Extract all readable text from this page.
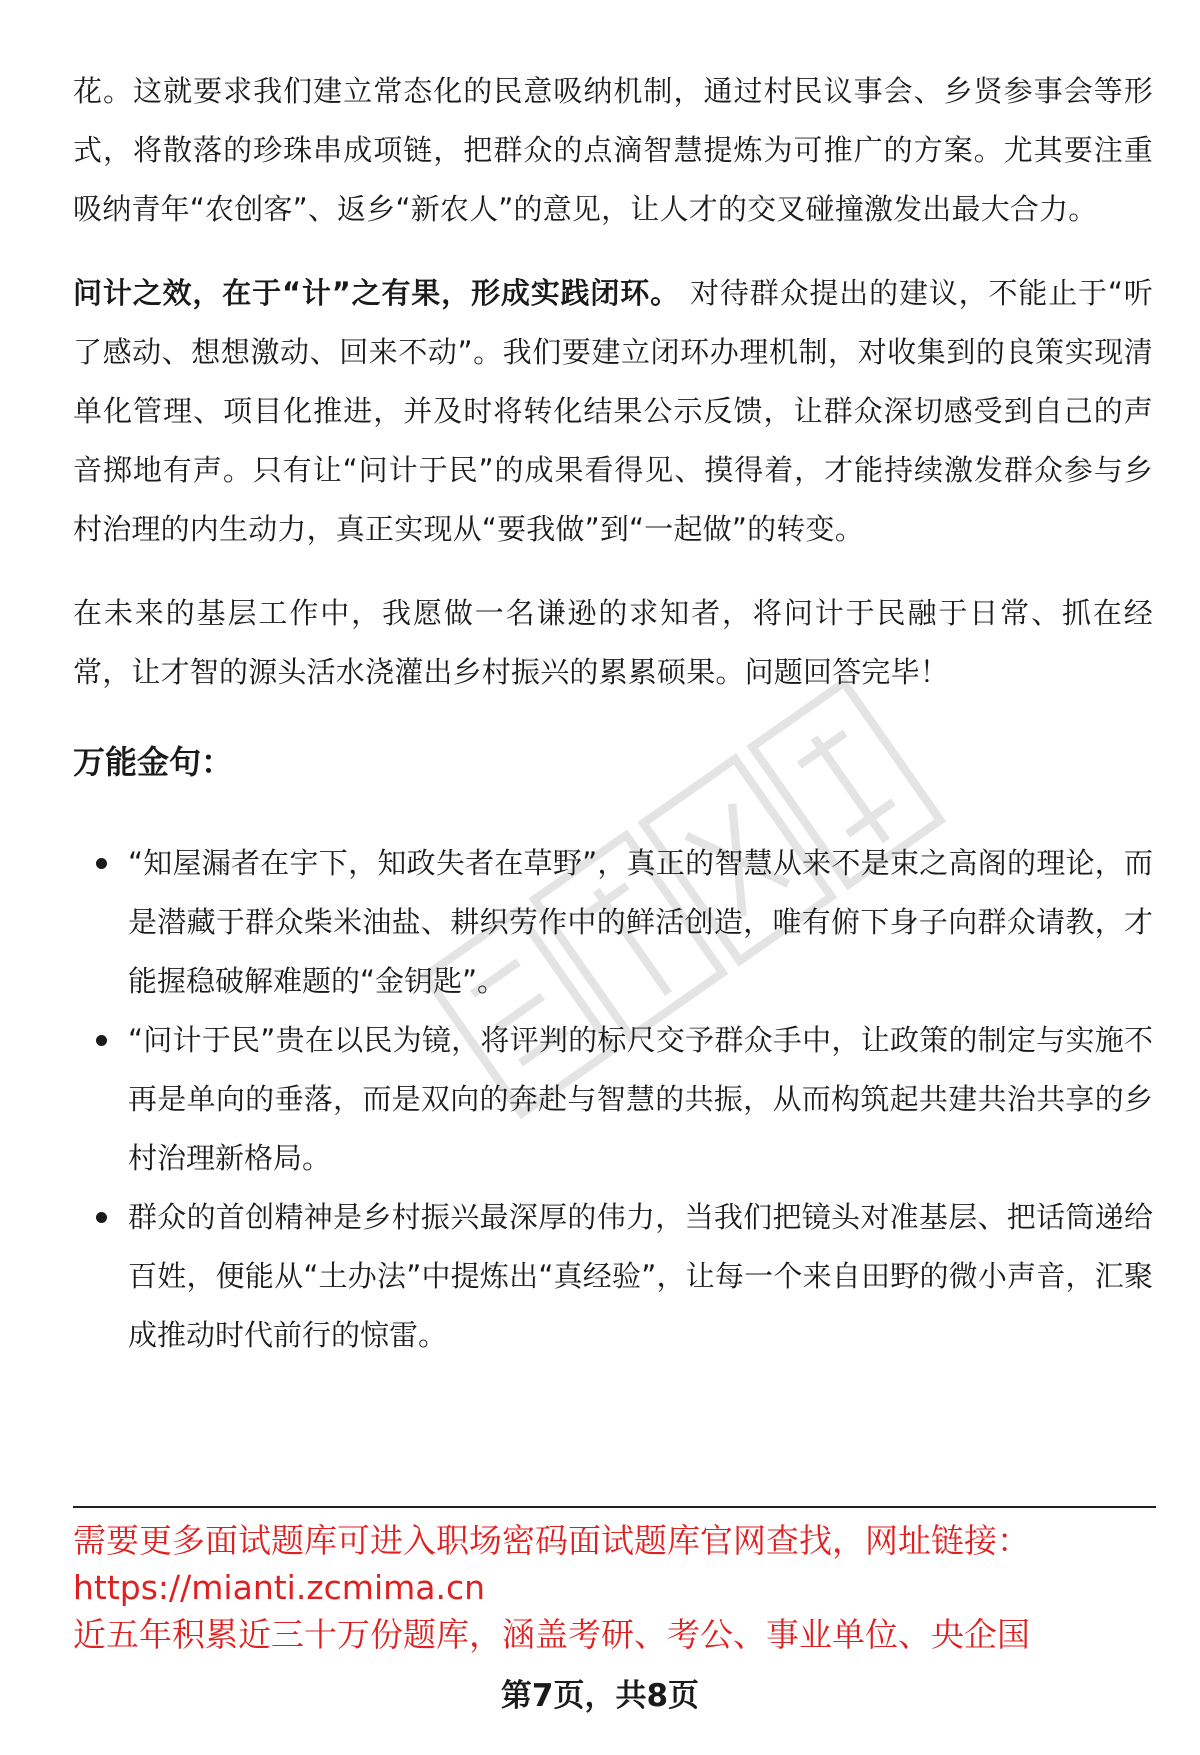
花。这就要求我们建立常态化的民意吸纳机制，通过村民议事会、乡贤参事会等形式，将散落的珍珠串成项链，把群众的点滴智慧提炼为可推广的方案。尤其要注重吸纳青年“农创客”、返乡“新农人”的意见，让人才的交叉碰撞激发出最大合力。

问计之效，在于“计”之有果，形成实践闭环。 对待群众提出的建议，不能止于“听了感动、想想激动、回来不动”。我们要建立闭环办理机制，对收集到的良策实现清单化管理、项目化推进，并及时将转化结果公示反馈，让群众深切感受到自己的声音掷地有声。只有让“问计于民”的成果看得见、摸得着，才能持续激发群众参与乡村治理的内生动力，真正实现从“要我做”到“一起做”的转变。

在未来的基层工作中，我愿做一名谦逊的求知者，将问计于民融于日常、抓在经常，让才智的源头活水浇灌出乡村振兴的累累硕果。问题回答完毕！

万能金句：
“知屋漏者在宇下，知政失者在草野”，真正的智慧从来不是束之高阁的理论，而是潜藏于群众柴米油盐、耕织劳作中的鲜活创造，唯有俯下身子向群众请教，才能握稳破解难题的“金钥匙”。
“问计于民”贵在以民为镜，将评判的标尺交予群众手中，让政策的制定与实施不再是单向的垂落，而是双向的奔赴与智慧的共振，从而构筑起共建共治共享的乡村治理新格局。
群众的首创精神是乡村振兴最深厚的伟力，当我们把镜头对准基层、把话筒递给百姓，便能从“土办法”中提炼出“真经验”，让每一个来自田野的微小声音，汇聚成推动时代前行的惊雷。
需要更多面试题库可进入职场密码面试题库官网查找，网址链接：
https://mianti.zcmima.cn
近五年积累近三十万份题库，涵盖考研、考公、事业单位、央企国
第7页，共8页
